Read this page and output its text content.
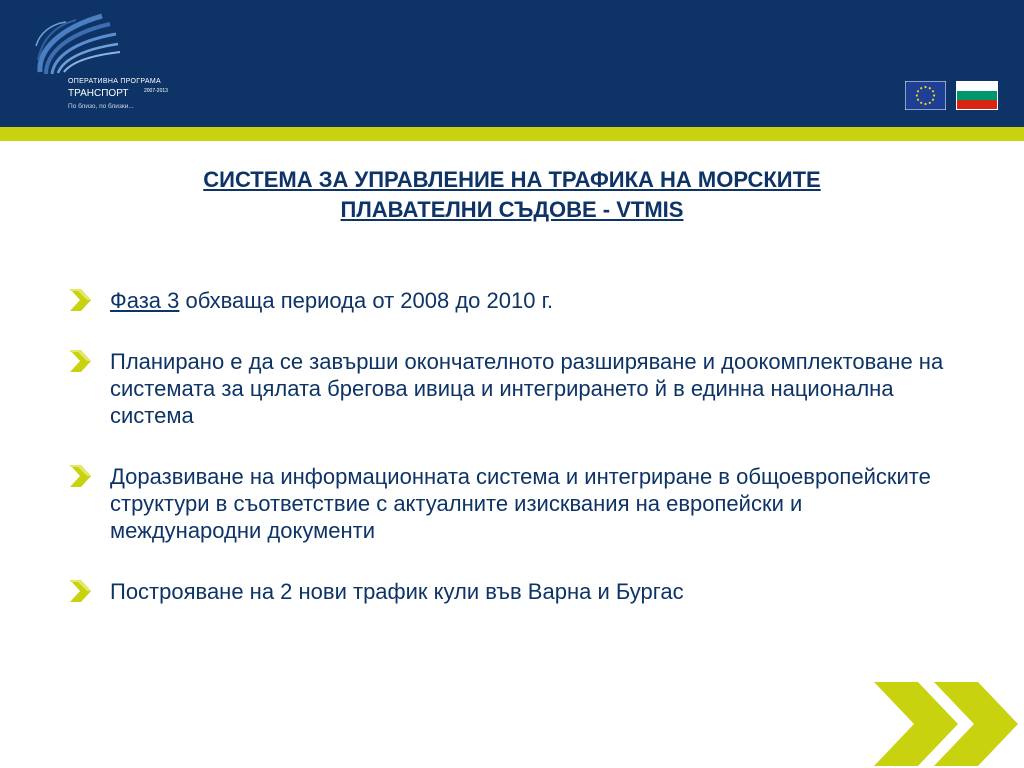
ОПЕРАТИВНА ПРОГРАМА
ТРАНСПОРТ	2007-2013
По близо, по близки...
СИСТЕМА ЗА УПРАВЛЕНИЕ НА ТРАФИКА НА МОРСКИТЕ
ПЛАВАТЕЛНИ СЪДОВЕ - VTMIS
Фаза 3 обхваща периода от 2008 до 2010 г.
Планирано е да се завърши окончателното разширяване и доокомплектоване на системата за цялата брегова ивица и интегрирането й в единна национална система
Доразвиване на информационната система и интегриране в общоевропейските структури в съответствие с актуалните изисквания на европейски и международни документи
Построяване на 2 нови трафик кули във Варна и Бургас
